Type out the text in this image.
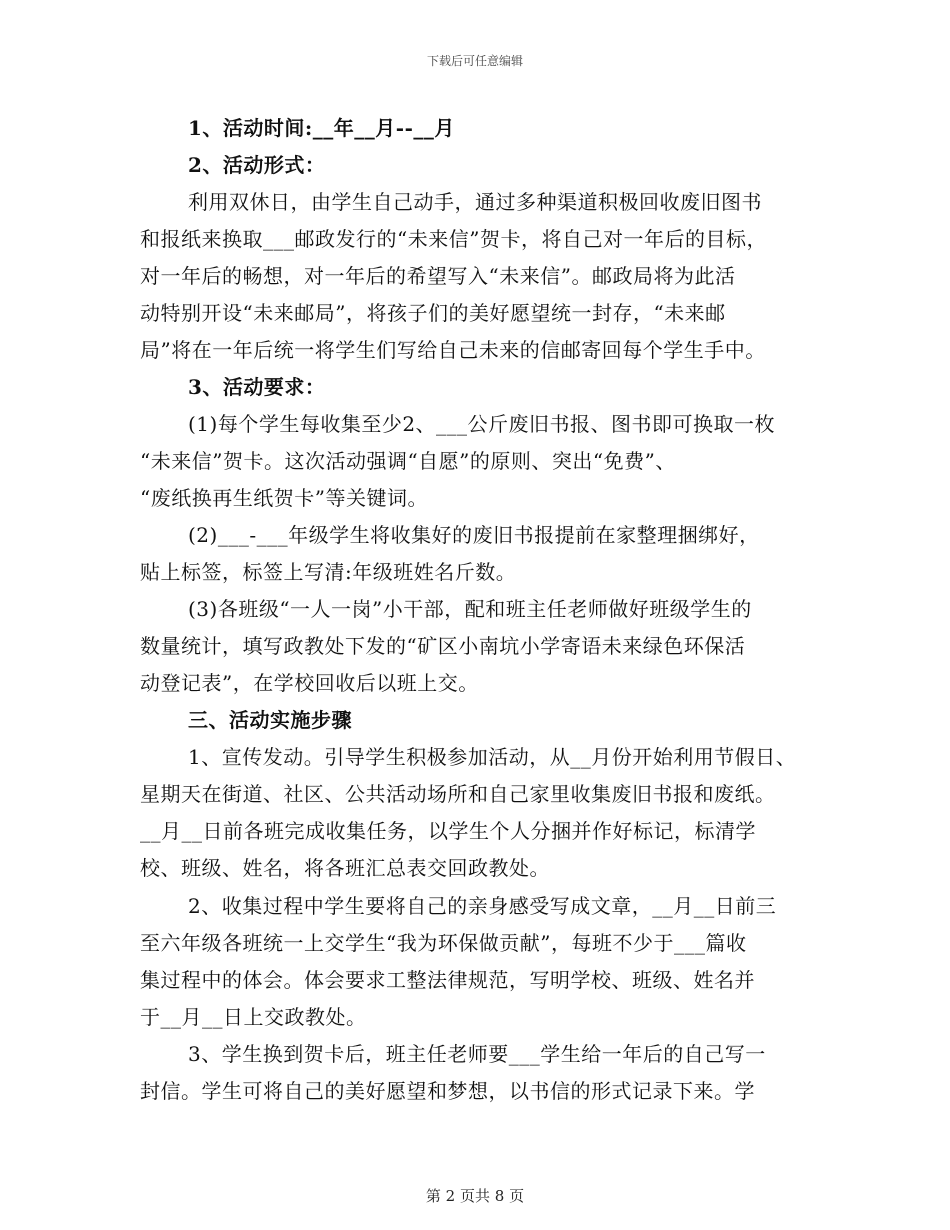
下载后可任意编辑
1、活动时间:__年__月--__月
2、活动形式：
利用双休日，由学生自己动手，通过多种渠道积极回收废旧图书
和报纸来换取___邮政发行的“未来信”贺卡，将自己对一年后的目标，
对一年后的畅想，对一年后的希望写入“未来信”。邮政局将为此活
动特别开设“未来邮局”，将孩子们的美好愿望统一封存，“未来邮
局”将在一年后统一将学生们写给自己未来的信邮寄回每个学生手中。
3、活动要求：
(1)每个学生每收集至少2、___公斤废旧书报、图书即可换取一枚
“未来信”贺卡。这次活动强调“自愿”的原则、突出“免费”、
“废纸换再生纸贺卡”等关键词。
(2)___-___年级学生将收集好的废旧书报提前在家整理捆绑好，
贴上标签，标签上写清:年级班姓名斤数。
(3)各班级“一人一岗”小干部，配和班主任老师做好班级学生的
数量统计，填写政教处下发的“矿区小南坑小学寄语未来绿色环保活
动登记表”，在学校回收后以班上交。
三、活动实施步骤
1、宣传发动。引导学生积极参加活动，从__月份开始利用节假日、
星期天在街道、社区、公共活动场所和自己家里收集废旧书报和废纸。
__月__日前各班完成收集任务，以学生个人分捆并作好标记，标清学
校、班级、姓名，将各班汇总表交回政教处。
2、收集过程中学生要将自己的亲身感受写成文章，__月__日前三
至六年级各班统一上交学生“我为环保做贡献”，每班不少于___篇收
集过程中的体会。体会要求工整法律规范，写明学校、班级、姓名并
于__月__日上交政教处。
3、学生换到贺卡后，班主任老师要___学生给一年后的自己写一
封信。学生可将自己的美好愿望和梦想，以书信的形式记录下来。学
第 2 页共 8 页
